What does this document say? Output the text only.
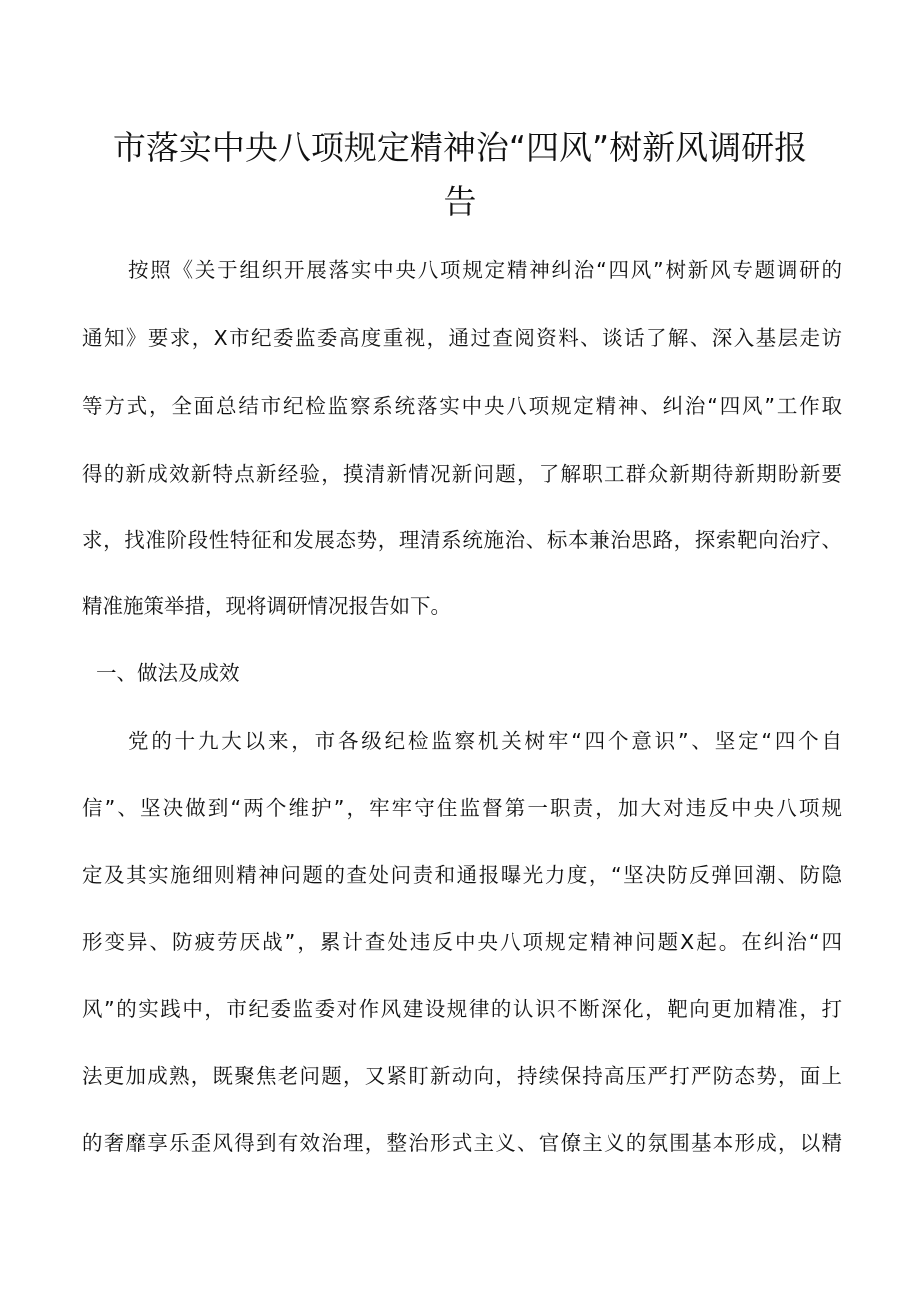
市落实中央八项规定精神治“四风”树新风调研报
告
按照《关于组织开展落实中央八项规定精神纠治“四风”树新风专题调研的
通知》要求，X市纪委监委高度重视，通过查阅资料、谈话了解、深入基层走访
等方式，全面总结市纪检监察系统落实中央八项规定精神、纠治“四风”工作取
得的新成效新特点新经验，摸清新情况新问题，了解职工群众新期待新期盼新要
求，找准阶段性特征和发展态势，理清系统施治、标本兼治思路，探索靶向治疗、
精准施策举措，现将调研情况报告如下。
一、做法及成效
党的十九大以来，市各级纪检监察机关树牢“四个意识”、坚定“四个自
信”、坚决做到“两个维护”，牢牢守住监督第一职责，加大对违反中央八项规
定及其实施细则精神问题的查处问责和通报曝光力度，“坚决防反弹回潮、防隐
形变异、防疲劳厌战”，累计查处违反中央八项规定精神问题X起。在纠治“四
风”的实践中，市纪委监委对作风建设规律的认识不断深化，靶向更加精准，打
法更加成熟，既聚焦老问题，又紧盯新动向，持续保持高压严打严防态势，面上
的奢靡享乐歪风得到有效治理，整治形式主义、官僚主义的氛围基本形成，以精
